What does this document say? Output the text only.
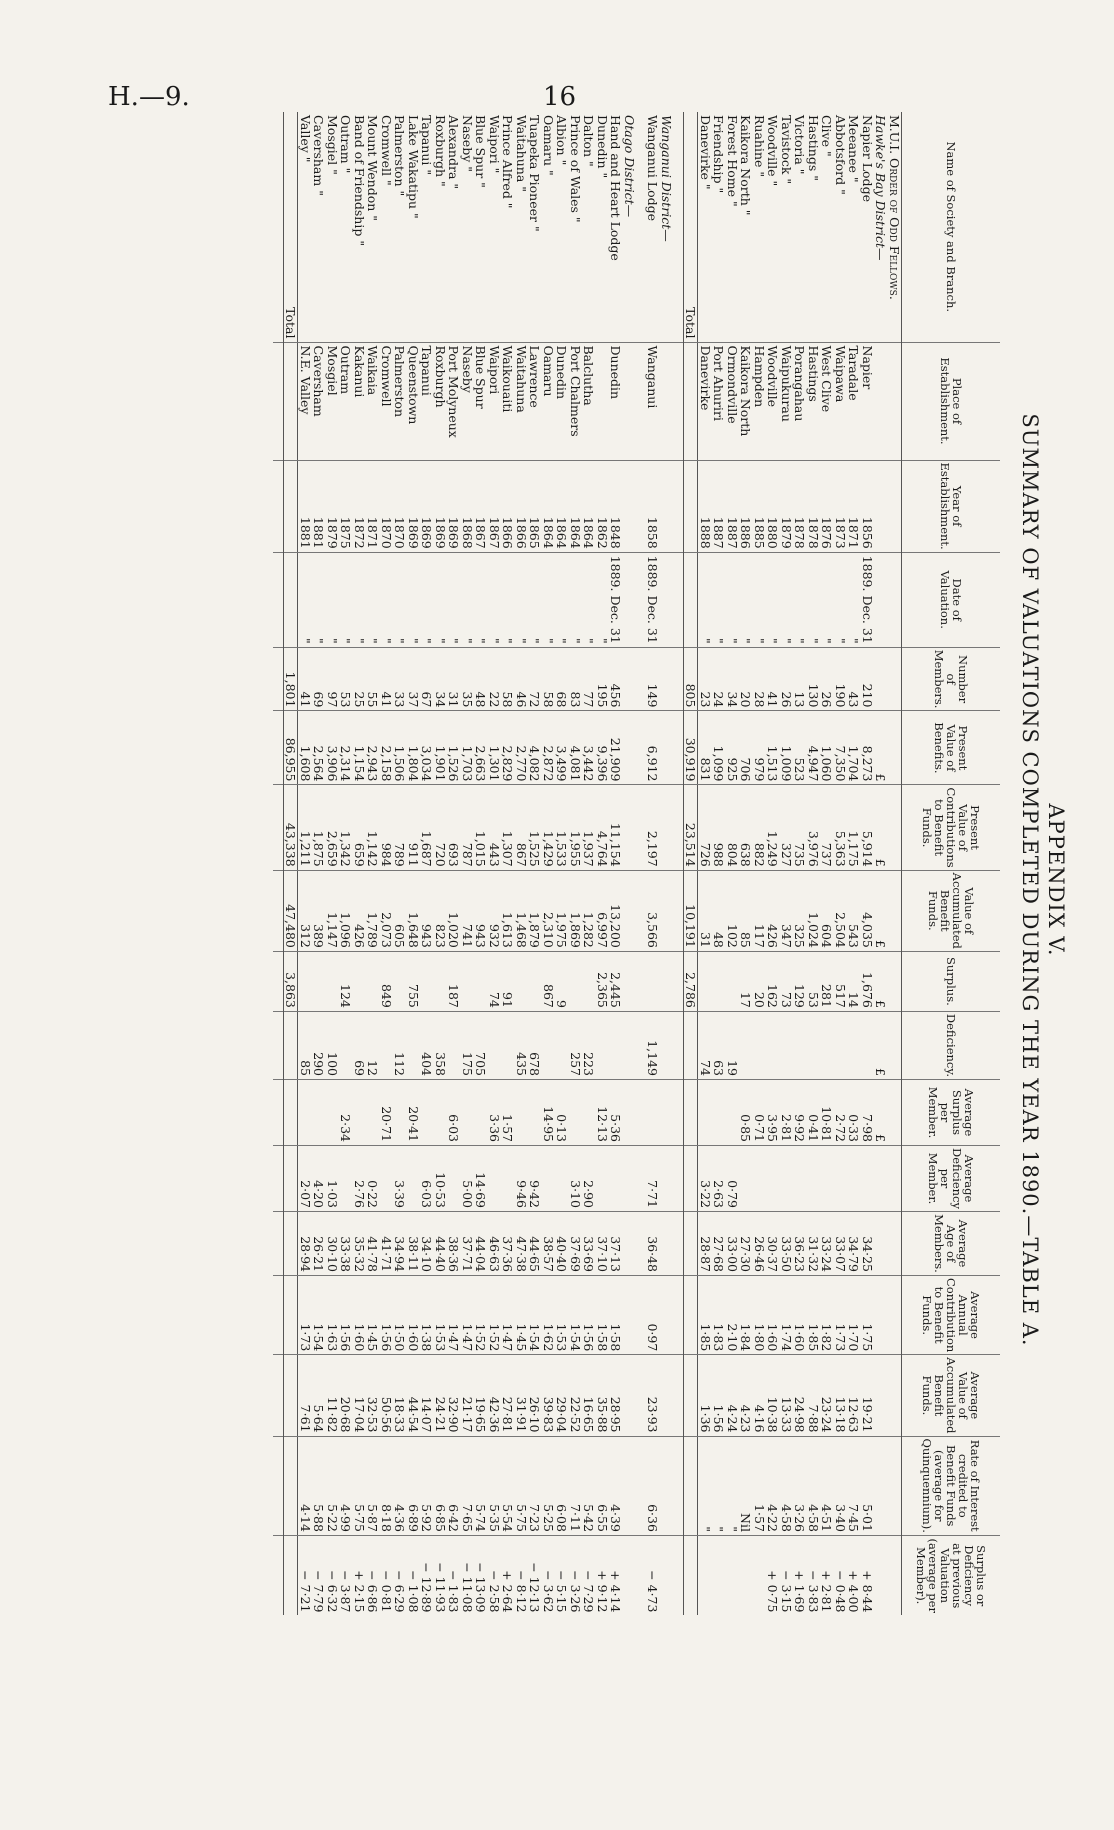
H.—9.	16
APPENDIX V.
SUMMARY OF VALUATIONS COMPLETED DURING THE YEAR 1890.—TABLE A.
Name of Society and Branch.	Place of Establishment.	Year of Establishment.	Date of Valuation.	Number of Members.	Present Value of Benefits.	Present Value of Contributions to Benefit Funds.	Value of Accumulated Benefit Funds.	Surplus.	Deficiency.	Average Surplus per Member.	Average Deficiency per Member.	Average Age of Members.	Average Annual Contribution to Benefit Funds.	Average Value of Accumulated Benefit Funds.	Rate of Interest credited to Benefit Funds (average for Quinquennium).	Surplus or Deficiency at previous Valuation (average per Member).
M.U.I. Order of Odd Fellows.																
Hawke's Bay District—					£	£	£	£	£	£						
Napier Lodge	Napier	1856	1889. Dec. 31	210	8,273	5,914	4,035	1,676		7·98		34·25	1·75	19·21	5·01	+ 8·44
Meeanee "	Taradale	1871	"	43	1,704	1,175	543	14		0·33		34·79	1·70	12·63	7·45	+ 4·00
Abbotsford "	Waipawa	1873	"	190	7,350	5,363	2,504	517		2·72		33·07	1·73	13·18	3·40	− 0·48
Clive "	West Clive	1876	"	26	1,060	737	604	281		10·81		33·24	1·82	23·24	4·51	+ 2·81
Hastings "	Hastings	1878	"	130	4,947	3,976	1,024	53		0·41		31·32	1·85	7·88	4·58	− 3·83
Victoria "	Porangahau	1878	"	13	523	735	325	129		9·92		36·23	1·60	24·98	3·26	+ 1·69
Tavistock "	Waipukurau	1879	"	26	1,009	327	347	73		2·81		33·50	1·74	13·33	4·58	− 3·15
Woodville "	Woodville	1880	"	41	1,513	1,249	426	162		3·95		30·37	1·60	10·38	4·22	+ 0·75
Ruahine "	Hampden	1885	"	28	979	882	117	20		0·71		26·46	1·80	4·16	1·57	
Kaikora North "	Kaikora North	1886	"	20	706	638	85	17		0·85		27·30	1·84	4·23	Nil	
Forest Home "	Ormondville	1887	"	34	925	804	102		19		0·79	33·00	2·10	4·24	"	
Friendship "	Port Ahuriri	1887	"	24	1,099	988	48		63		2·63	27·68	1·83	1·56	"	
Danevirke "	Danevirke	1888	"	23	831	726	31		74		3·22	28·87	1·85	1·36	"	
Total				805	30,919	23,514	10,191	2,786								

Wanganui District—																
Wanganui Lodge	Wanganui	1858	1889. Dec. 31	149	6,912	2,197	3,566		1,149		7·71	36·48	0·97	23·93	6·36	− 4·73

Otago District—																
Hand and Heart Lodge	Dunedin	1848	1889. Dec. 31	456	21,909	11,154	13,200	2,445		5·36		37·13	1·58	28·95	4·39	+ 4·14
Dunedin "		1862	"	195	9,396	4,764	6,997	2,365		12·13		37·10	1·58	35·88	6·55	+ 9·12
Dalton "	Balclutha	1864	"	77	3,442	1,937	1,282		223		2·90	33·69	1·56	16·65	5·42	− 7·29
Prince of Wales "	Port Chalmers	1864	"	83	4,081	1,955	1,869		257		3·10	37·69	1·54	22·52	7·11	− 3·26
Albion "	Dunedin	1864	"	68	3,499	1,533	1,975	9		0·13		40·40	1·53	29·04	6·08	− 5·15
Oamaru "	Oamaru	1864	"	58	2,872	1,429	2,310	867		14·95		38·57	1·62	39·83	5·25	− 3·62
Tuapeka Pioneer "	Lawrence	1865	"	72	4,082	1,525	1,879		678		9·42	44·65	1·54	26·10	7·23	− 12·13
Waitahuna "	Waitahuna	1866	"	46	2,770	867	1,468		435		9·46	47·38	1·45	31·91	5·75	− 8·12
Prince Alfred "	Waikouaiti	1866	"	58	2,829	1,307	1,613	91		1·57		37·36	1·47	27·81	5·54	+ 2·64
Waipori "	Waipori	1867	"	22	1,301	443	932	74		3·36		46·63	1·52	42·36	5·35	− 2·58
Blue Spur "	Blue Spur	1867	"	48	2,663	1,015	943		705		14·69	44·04	1·52	19·65	5·74	− 13·09
Naseby "	Naseby	1868	"	35	1,703	787	741		175		5·00	37·71	1·47	21·17	7·65	− 11·08
Alexandra "	Port Molyneux	1869	"	31	1,526	693	1,020	187		6·03		38·36	1·47	32·90	6·42	− 1·83
Roxburgh "	Roxburgh	1869	"	34	1,901	720	823		358		10·53	44·40	1·53	24·21	6·85	− 11·93
Tapanui "	Tapanui	1869	"	67	3,034	1,687	943		404		6·03	34·10	1·38	14·07	5·92	− 12·89
Lake Wakatipu "	Queenstown	1869	"	37	1,804	911	1,648	755		20·41		38·11	1·60	44·54	6·89	− 1·08
Palmerston "	Palmerston	1870	"	33	1,506	789	605		112		3·39	34·94	1·50	18·33	4·36	− 6·29
Cromwell "	Cromwell	1870	"	41	2,158	984	2,073	849		20·71		41·71	1·56	50·56	8·18	− 0·81
Mount Wendon "	Waikaia	1871	"	55	2,943	1,142	1,789		12		0·22	41·78	1·45	32·53	5·87	− 6·86
Band of Friendship "	Kakanui	1872	"	25	1,154	659	426		69		2·76	35·32	1·60	17·04	5·75	+ 2·15
Outram "	Outram	1875	"	53	2,314	1,342	1,096	124		2·34		33·38	1·56	20·68	4·99	− 3·87
Mosgiel "	Mosgiel	1879	"	97	3,906	2,659	1,147		100		1·03	30·10	1·63	11·82	5·22	− 6·32
Caversham "	Caversham	1881	"	69	2,564	1,875	389		290		4·20	26·21	1·54	5·64	5·88	− 7·79
Valley "	N.E. Valley	1881	"	41	1,608	1,211	312		85		2·07	28·94	1·73	7·61	4·14	− 7·21
Total				1,801	86,955	43,338	47,480	3,863								
